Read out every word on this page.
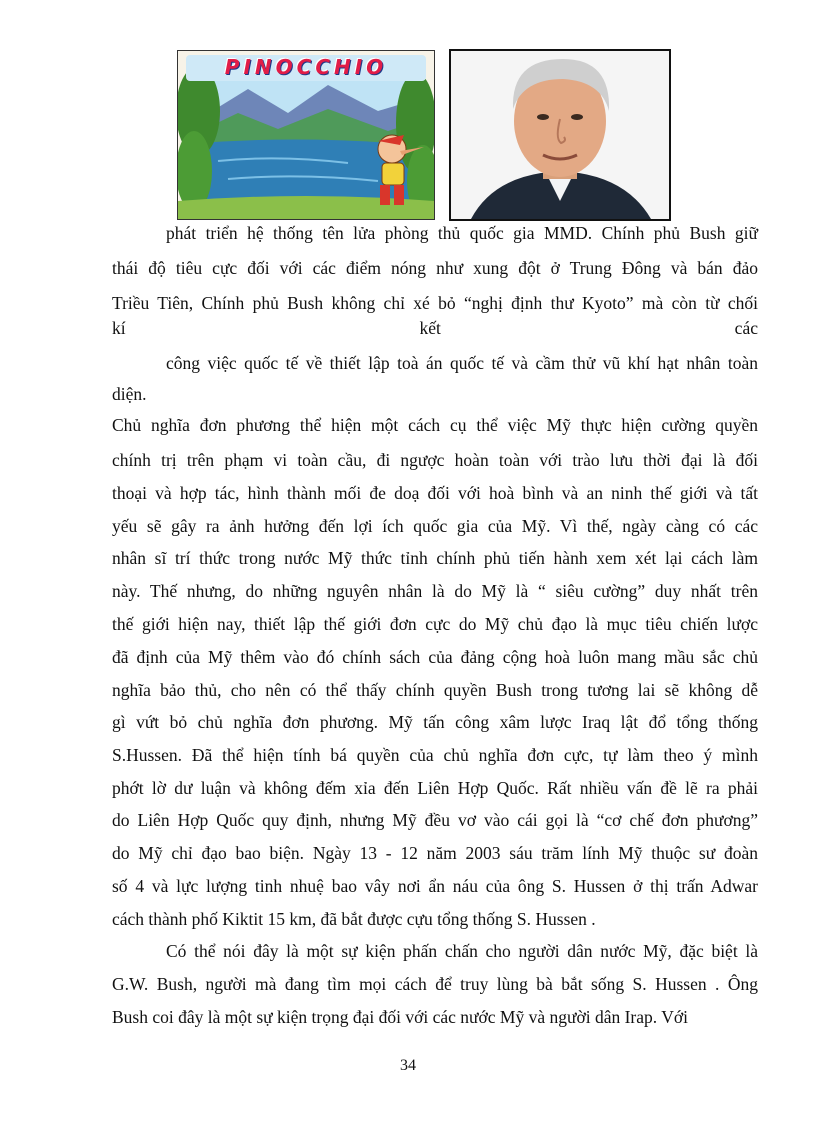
PINOCCHIO

phát triển hệ thống tên lửa phòng thủ quốc gia MMD. Chính phủ Bush giữ

thái độ tiêu cực đối với các điểm nóng như xung đột ở Trung Đông và bán đảo

Triều Tiên, Chính phủ Bush không chỉ xé bỏ “nghị định thư Kyoto” mà còn từ chối

kí	kết	các

công việc quốc tế về thiết lập toà án quốc tế và cầm thử vũ khí hạt nhân toàn

diện.

Chủ nghĩa đơn phương thể hiện một cách cụ thể việc Mỹ thực hiện cường quyền

chính trị trên phạm vi toàn cầu, đi ngược hoàn toàn với trào lưu thời đại là đối

thoại và hợp tác, hình thành mối đe doạ đối với hoà bình và an ninh thế giới và tất

yếu sẽ gây ra ảnh hưởng đến lợi ích quốc gia của Mỹ. Vì thế, ngày càng có các

nhân sĩ trí thức trong nước Mỹ thức tỉnh chính phủ tiến hành xem xét lại cách làm

này. Thế nhưng, do những nguyên nhân là do Mỹ là “ siêu cường” duy nhất trên

thế giới hiện nay, thiết lập thế giới đơn cực do Mỹ chủ đạo là mục tiêu chiến lược

đã định của Mỹ thêm vào đó chính sách của đảng cộng hoà luôn mang mầu sắc chủ

nghĩa bảo thủ, cho nên có thể thấy chính quyền Bush trong tương lai sẽ không dễ

gì vứt bỏ chủ nghĩa đơn phương. Mỹ tấn công xâm lược Iraq lật đổ tổng thống

S.Hussen. Đã thể hiện tính bá quyền của chủ nghĩa đơn cực, tự làm theo ý mình

phớt lờ dư luận và không đếm xỉa đến Liên Hợp Quốc. Rất nhiều vấn đề lẽ ra phải

do Liên Hợp Quốc quy định, nhưng Mỹ đều vơ vào cái gọi là “cơ chế đơn phương”

do Mỹ chỉ đạo bao biện. Ngày 13 - 12 năm 2003 sáu trăm lính Mỹ thuộc sư đoàn

số 4 và lực lượng tinh nhuệ bao vây nơi ẩn náu của ông S. Hussen ở thị trấn Adwar

cách thành phố Kiktit 15 km, đã bắt được cựu tổng thống S. Hussen .

Có thể nói đây là một sự kiện phấn chấn cho người dân nước Mỹ, đặc biệt là

G.W. Bush, người mà đang tìm mọi cách để truy lùng bà bắt sống S. Hussen . Ông

Bush coi đây là một sự kiện trọng đại đối với các nước Mỹ và người dân Irap. Với

34
